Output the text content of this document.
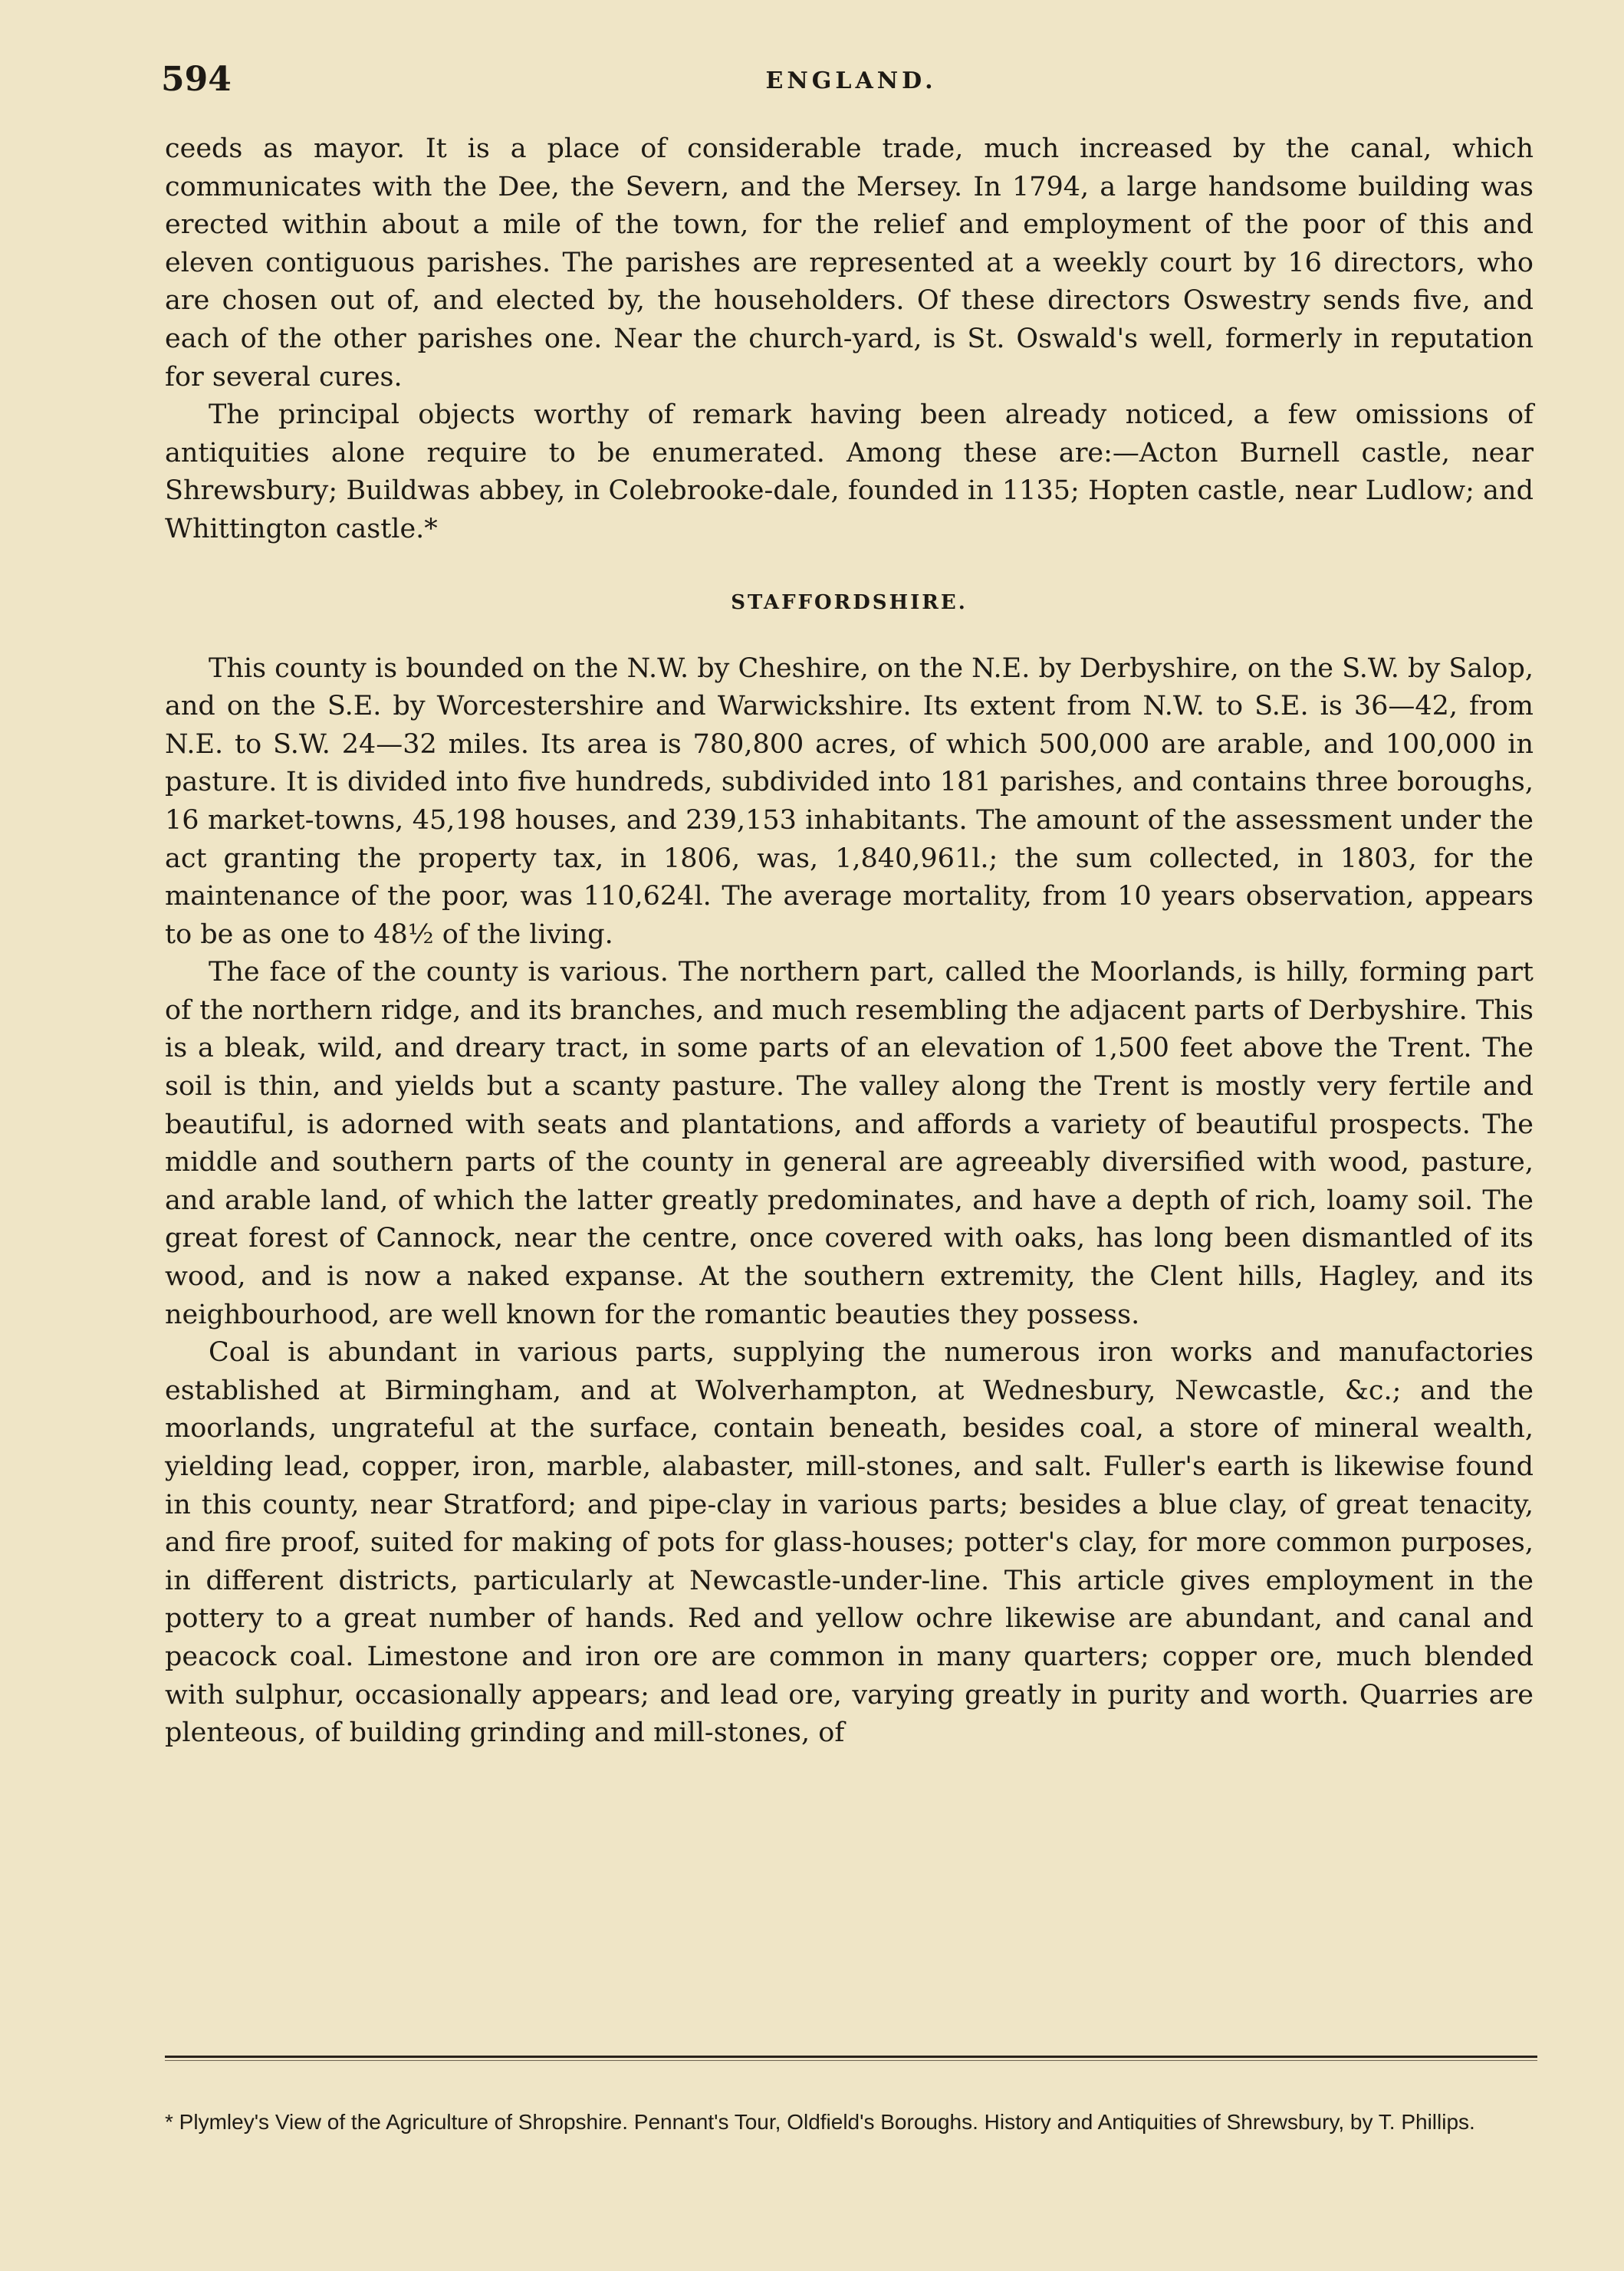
594	ENGLAND.

ceeds as mayor. It is a place of considerable trade, much increased by the canal, which communicates with the Dee, the Severn, and the Mersey. In 1794, a large handsome building was erected within about a mile of the town, for the relief and employment of the poor of this and eleven contiguous parishes. The parishes are represented at a weekly court by 16 directors, who are chosen out of, and elected by, the householders. Of these directors Oswestry sends five, and each of the other parishes one. Near the church-yard, is St. Oswald's well, formerly in reputation for several cures.

The principal objects worthy of remark having been already noticed, a few omissions of antiquities alone require to be enumerated. Among these are:—Acton Burnell castle, near Shrewsbury; Buildwas abbey, in Colebrooke-dale, founded in 1135; Hopten castle, near Ludlow; and Whittington castle.*

STAFFORDSHIRE.

This county is bounded on the N.W. by Cheshire, on the N.E. by Derbyshire, on the S.W. by Salop, and on the S.E. by Worcestershire and Warwickshire. Its extent from N.W. to S.E. is 36—42, from N.E. to S.W. 24—32 miles. Its area is 780,800 acres, of which 500,000 are arable, and 100,000 in pasture. It is divided into five hundreds, subdivided into 181 parishes, and contains three boroughs, 16 market-towns, 45,198 houses, and 239,153 inhabitants. The amount of the assessment under the act granting the property tax, in 1806, was, 1,840,961l.; the sum collected, in 1803, for the maintenance of the poor, was 110,624l. The average mortality, from 10 years observation, appears to be as one to 48½ of the living.

The face of the county is various. The northern part, called the Moorlands, is hilly, forming part of the northern ridge, and its branches, and much resembling the adjacent parts of Derbyshire. This is a bleak, wild, and dreary tract, in some parts of an elevation of 1,500 feet above the Trent. The soil is thin, and yields but a scanty pasture. The valley along the Trent is mostly very fertile and beautiful, is adorned with seats and plantations, and affords a variety of beautiful prospects. The middle and southern parts of the county in general are agreeably diversified with wood, pasture, and arable land, of which the latter greatly predominates, and have a depth of rich, loamy soil. The great forest of Cannock, near the centre, once covered with oaks, has long been dismantled of its wood, and is now a naked expanse. At the southern extremity, the Clent hills, Hagley, and its neighbourhood, are well known for the romantic beauties they possess.

Coal is abundant in various parts, supplying the numerous iron works and manufactories established at Birmingham, and at Wolverhampton, at Wednesbury, Newcastle, &c.; and the moorlands, ungrateful at the surface, contain beneath, besides coal, a store of mineral wealth, yielding lead, copper, iron, marble, alabaster, mill-stones, and salt. Fuller's earth is likewise found in this county, near Stratford; and pipe-clay in various parts; besides a blue clay, of great tenacity, and fire proof, suited for making of pots for glass-houses; potter's clay, for more common purposes, in different districts, particularly at Newcastle-under-line. This article gives employment in the pottery to a great number of hands. Red and yellow ochre likewise are abundant, and canal and peacock coal. Limestone and iron ore are common in many quarters; copper ore, much blended with sulphur, occasionally appears; and lead ore, varying greatly in purity and worth. Quarries are plenteous, of building grinding and mill-stones, of

* Plymley's View of the Agriculture of Shropshire. Pennant's Tour, Oldfield's Boroughs. History and Antiquities of Shrewsbury, by T. Phillips.
